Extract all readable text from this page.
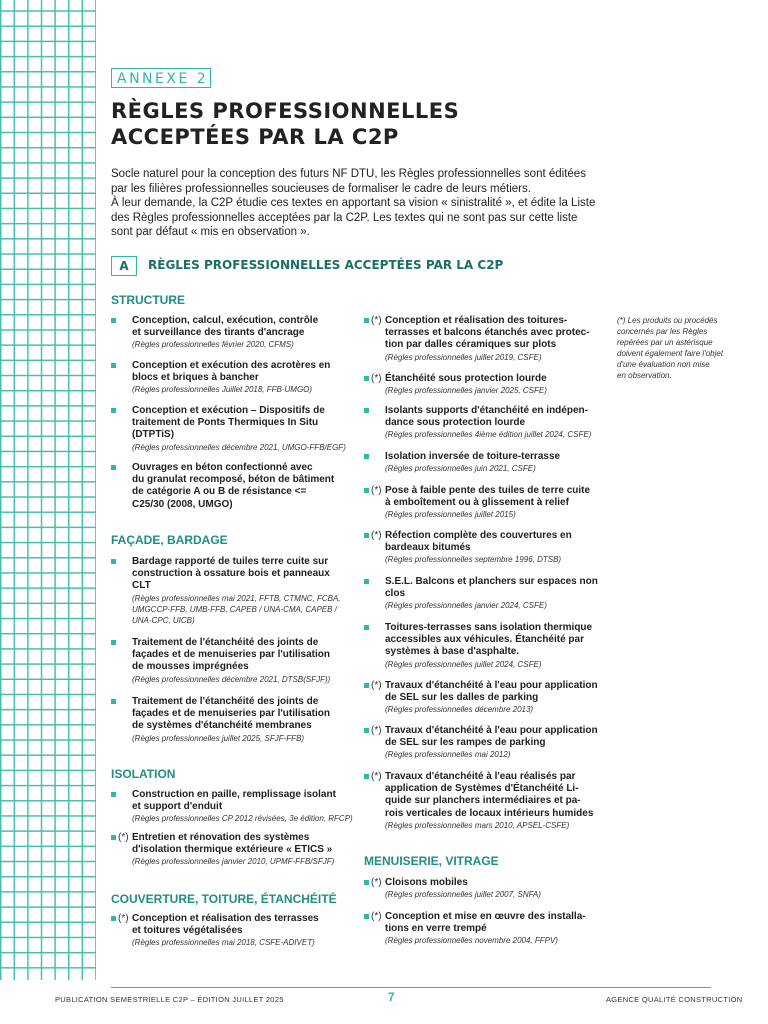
ANNEXE 2
RÈGLES PROFESSIONNELLES
ACCEPTÉES PAR LA C2P
Socle naturel pour la conception des futurs NF DTU, les Règles professionnelles sont éditées
par les filières professionnelles soucieuses de formaliser le cadre de leurs métiers.
À leur demande, la C2P étudie ces textes en apportant sa vision « sinistralité », et édite la Liste
des Règles professionnelles acceptées par la C2P. Les textes qui ne sont pas sur cette liste
sont par défaut « mis en observation ».
A	RÈGLES PROFESSIONNELLES ACCEPTÉES PAR LA C2P
(*) Les produits ou procédés
concernés par les Règles
repérées par un astérisque
doivent également faire l'objet
d'une évaluation non mise
en observation.
STRUCTURE
FAÇADE, BARDAGE
ISOLATION
COUVERTURE, TOITURE, ÉTANCHÉITÉ
MENUISERIE, VITRAGE
Conception, calcul, exécution, contrôle
et surveillance des tirants d'ancrage
(Règles professionnelles février 2020, CFMS)
Conception et exécution des acrotères en
blocs et briques à bancher
(Règles professionnelles Juillet 2018, FFB-UMGO)
Conception et exécution – Dispositifs de
traitement de Ponts Thermiques In Situ
(DTPTiS)
(Règles professionnelles décembre 2021, UMGO-FFB/EGF)
Ouvrages en béton confectionné avec
du granulat recomposé, béton de bâtiment
de catégorie A ou B de résistance <=
C25/30 (2008, UMGO)
Bardage rapporté de tuiles terre cuite sur
construction à ossature bois et panneaux
CLT
(Règles professionnelles mai 2021, FFTB, CTMNC, FCBA,
UMGCCP-FFB, UMB-FFB, CAPEB / UNA-CMA, CAPEB /
UNA-CPC, UICB)
Traitement de l'étanchéité des joints de
façades et de menuiseries par l'utilisation
de mousses imprégnées
(Règles professionnelles décembre 2021, DTSB(SFJF))
Traitement de l'étanchéité des joints de
façades et de menuiseries par l'utilisation
de systèmes d'étanchéité membranes
(Règles professionnelles juillet 2025, SFJF-FFB)
Construction en paille, remplissage isolant
et support d'enduit
(Règles professionnelles CP 2012 révisées, 3e édition, RFCP)
(*) Entretien et rénovation des systèmes
d'isolation thermique extérieure « ETICS »
(Règles professionnelles janvier 2010, UPMF-FFB/SFJF)
(*) Conception et réalisation des terrasses
et toitures végétalisées
(Règles professionnelles mai 2018, CSFE-ADIVET)
(*) Conception et réalisation des toitures-
terrasses et balcons étanchés avec protec-
tion par dalles céramiques sur plots
(Règles professionnelles juillet 2019, CSFE)
(*) Étanchéité sous protection lourde
(Règles professionnelles janvier 2025, CSFE)
Isolants supports d'étanchéité en indépen-
dance sous protection lourde
(Règles professionnelles 4ième édition juillet 2024, CSFE)
Isolation inversée de toiture-terrasse
(Règles professionnelles juin 2021, CSFE)
(*) Pose à faible pente des tuiles de terre cuite
à emboîtement ou à glissement à relief
(Règles professionnelles juillet 2015)
(*) Réfection complète des couvertures en
bardeaux bitumés
(Règles professionnelles septembre 1996, DTSB)
S.E.L. Balcons et planchers sur espaces non
clos
(Règles professionnelles janvier 2024, CSFE)
Toitures-terrasses sans isolation thermique
accessibles aux véhicules. Étanchéité par
systèmes à base d'asphalte.
(Règles professionnelles juillet 2024, CSFE)
(*) Travaux d'étanchéité à l'eau pour application
de SEL sur les dalles de parking
(Règles professionnelles décembre 2013)
(*) Travaux d'étanchéité à l'eau pour application
de SEL sur les rampes de parking
(Règles professionnelles mai 2012)
(*) Travaux d'étanchéité à l'eau réalisés par
application de Systèmes d'Étanchéité Li-
quide sur planchers intermédiaires et pa-
rois verticales de locaux intérieurs humides
(Règles professionnelles mars 2010, APSEL-CSFE)
(*) Cloisons mobiles
(Règles professionnelles juillet 2007, SNFA)
(*) Conception et mise en œuvre des installa-
tions en verre trempé
(Règles professionnelles novembre 2004, FFPV)
PUBLICATION SEMESTRIELLE C2P – ÉDITION JUILLET 2025	7	AGENCE QUALITÉ CONSTRUCTION
